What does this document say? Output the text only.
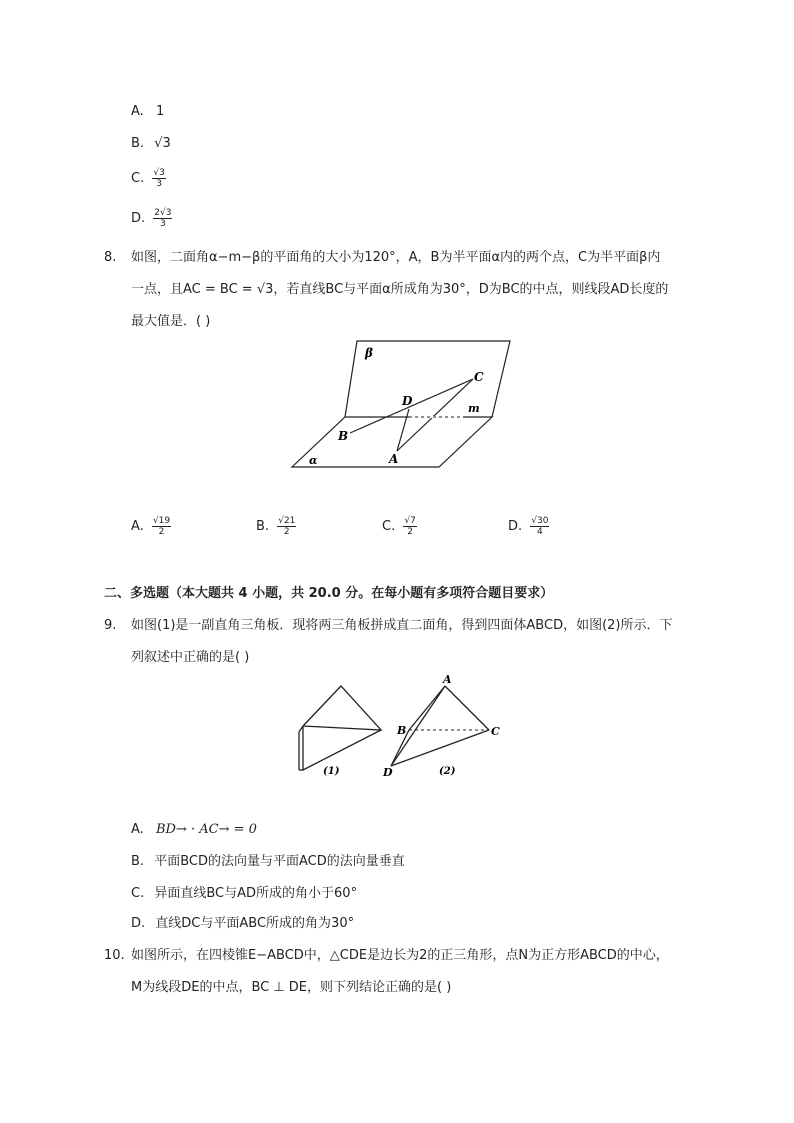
A. 1
B. √3
C. $\frac{√3}{3}$
D. $\frac{2√3}{3}$
8. 如图，二面角α−m−β的平面角的大小为120°，A，B为半平面α内的两个点，C为半平面β内
一点，且AC = BC = √3，若直线BC与平面α所成角为30°，D为BC的中点，则线段AD长度的
最大值是．( )
β
α
m
C
D
B
A
A. $\frac{√19}{2}$	B. $\frac{√21}{2}$	C. $\frac{√7}{2}$	D. $\frac{√30}{4}$
二、多选题（本大题共 4 小题，共 20.0 分。在每小题有多项符合题目要求）
9. 如图(1)是一副直角三角板．现将两三角板拼成直二面角，得到四面体ABCD，如图(2)所示．下
列叙述中正确的是( )
(1)
A
B	C
D	(2)
A. BD→ · AC→ = 0
B. 平面BCD的法向量与平面ACD的法向量垂直
C. 异面直线BC与AD所成的角小于60°
D. 直线DC与平面ABC所成的角为30°
10. 如图所示，在四棱锥E−ABCD中，△CDE是边长为2的正三角形，点N为正方形ABCD的中心，
M为线段DE的中点，BC ⊥ DE，则下列结论正确的是( )
